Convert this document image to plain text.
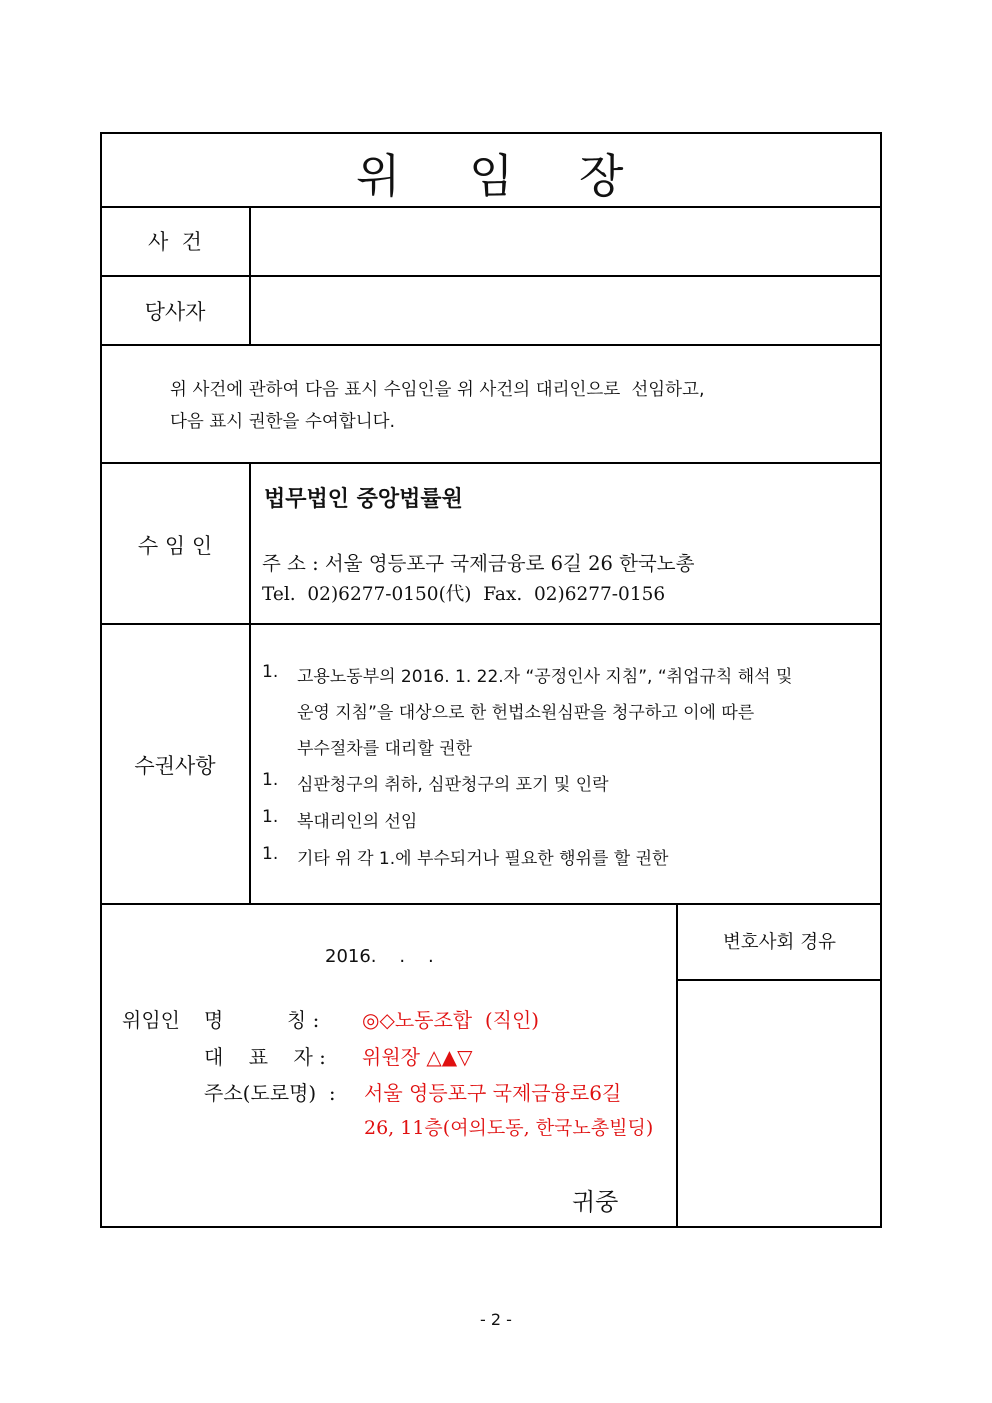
위 임 장
사  건
당사자
위 사건에 관하여 다음 표시 수임인을 위 사건의 대리인으로  선임하고,
다음 표시 권한을 수여합니다.
수 임 인
법무법인 중앙법률원
주 소 : 서울 영등포구 국제금융로 6길 26 한국노총
Tel.  02)6277-0150(代)  Fax.  02)6277-0156
수권사항
1. 고용노동부의 2016. 1. 22.자 “공정인사 지침”, “취업규칙 해석 및
운영 지침”을 대상으로 한 헌법소원심판을 청구하고 이에 따른
부수절차를 대리할 권한
1. 심판청구의 취하, 심판청구의 포기 및 인락
1. 복대리인의 선임
1. 기타 위 각 1.에 부수되거나 필요한 행위를 할 권한
2016.    .    .
위임인 명          칭 : ◎◇노동조합  (직인)
대    표    자 : 위원장 △▲▽
주소(도로명)  : 서울 영등포구 국제금융로6길
26, 11층(여의도동, 한국노총빌딩)
귀중
변호사회 경유
- 2 -
